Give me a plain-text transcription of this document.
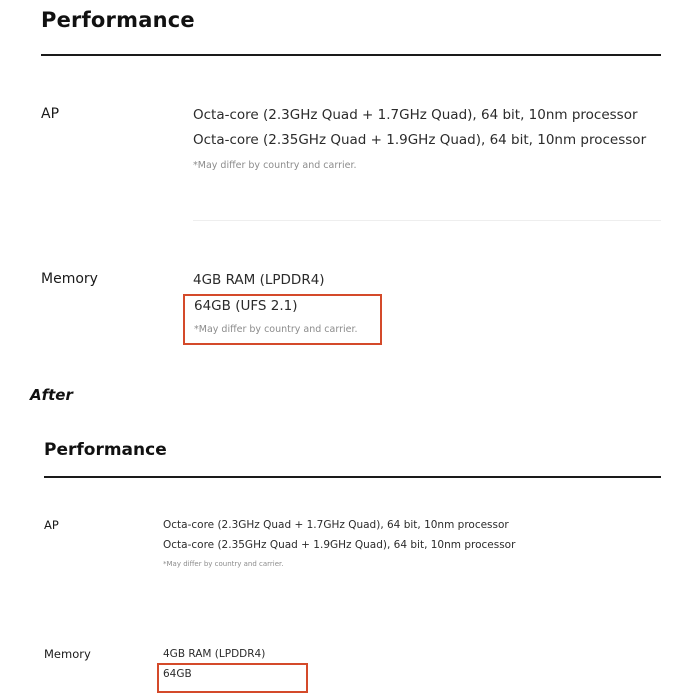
Performance
AP	Octa-core (2.3GHz Quad + 1.7GHz Quad), 64 bit, 10nm processor
Octa-core (2.35GHz Quad + 1.9GHz Quad), 64 bit, 10nm processor
*May differ by country and carrier.
Memory	4GB RAM (LPDDR4)
64GB (UFS 2.1)
*May differ by country and carrier.
After
Performance
AP	Octa-core (2.3GHz Quad + 1.7GHz Quad), 64 bit, 10nm processor
Octa-core (2.35GHz Quad + 1.9GHz Quad), 64 bit, 10nm processor
*May differ by country and carrier.
Memory	4GB RAM (LPDDR4)
64GB
